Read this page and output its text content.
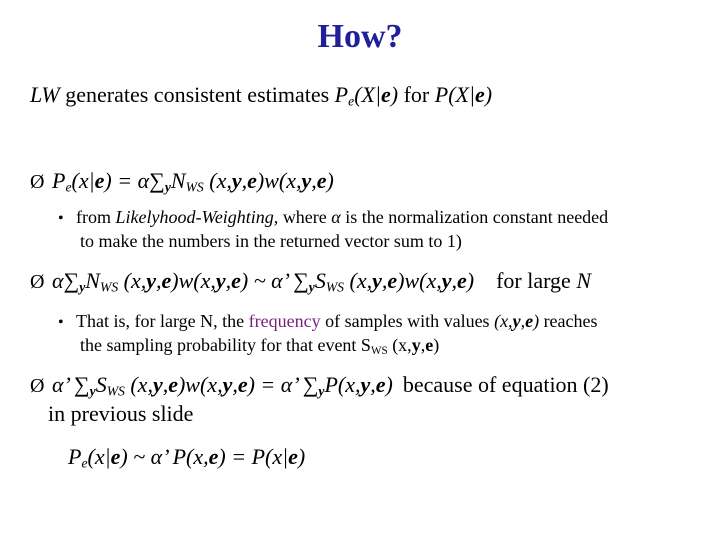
How?
LW generates consistent estimates $P_e(X|e)$ for P(X|e)
Ø $P_e(x|e) = \alpha\sum yN_{WS}$ (x,y,e)w(x,y,e)
• from Likelyhood-Weighting, where α is the normalization constant needed
to make the numbers in the returned vector sum to 1)
Ø $\alpha\sum yN_{WS}$ (x,y,e)w(x,y,e) ~ α’ $\sum yS_{WS}$ (x,y,e)w(x,y,e) for large N
• That is, for large N, the frequency of samples with values (x,y,e) reaches
the sampling probability for that event $S_{WS}$ (x,y,e)
Ø α’ $\sum yS_{WS}$ (x,y,e)w(x,y,e) = α’ ∑yP(x,y,e) because of equation (2)
in previous slide
$P_e(x|e)$ ~ α’ P(x,e) = P(x|e)
